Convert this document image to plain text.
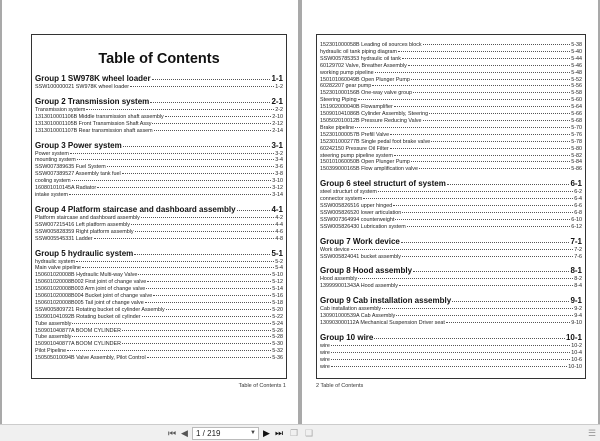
Table of Contents
Group 1 SW978K wheel loader	1-1
SSW100000021 SW978K wheel loader	1-2
Group 2 Transmission system	2-1
Transmission system	2-2
1313010001106B Middle transmission shaft assembly	2-10
1313010001105B Front Transmission Shaft Assy	2-12
1313010001107B Rear transmission shaft assem	2-14
Group 3 Power system	3-1
Power system	3-2
mounting system	3-4
SSW007389635 Fuel System	3-6
SSW007389527 Assembly tank fuel	3-8
cooling system	3-10
160801010145A Radiator	3-12
intake system	3-14
Group 4 Platform staircase and dashboard assembly	4-1
Platform staircase and dashboard assembly	4-2
SSW007215416 Left platform assembly	4-4
SSW005828359 Right platform assembly	4-6
SSW005545331 Ladder	4-8
Group 5 hydraulic system	5-1
hydraulic system	5-2
Main valve pipeline	5-4
150601020008B Hydraulic Multi-way Valve	5-10
150601020008B002 First joint of change valve	5-12
150601020008B003 Arm joint of change valve	5-14
150601020008B004 Bucket joint of change valve	5-16
150601020008B005 Tail joint of change valve	5-18
SSW005809721 Rotating bucket oil cylinder Assembly	5-20
150901041092B Rotating bucket oil cylinder	5-22
Tube assembly	5-24
150901040877A BOOM CYLINDER	5-26
Tube assembly	5-28
150901040877A BOOM CYLINDER	5-30
Pilot Pipeline	5-32
150505010094B Valve Assembly, Pilot Control	5-36
Table of Contents 1
152301000058B Leading oil sources block	5-38
hydraulic oil tank piping diagram	5-40
SSW005785353 hydraulic oil tank	5-44
60129702 Valve, Breather Assembly	5-46
working pump pipeline	5-48
150101060049B Open Plunger Pump	5-52
60282207 gear pump	5-56
152301000156B One-way valve group	5-58
Steering Piping	5-60
151902000040B Flowamplifier	5-64
150901041086B Cylinder Assembly, Steering	5-66
150502010012B Pressure Reducing Valve	5-68
Brake pipeline	5-70
152301000057B Prefill Valve	5-76
152301000277B Single pedal foot brake valve	5-78
60242150 Pressure Oil Filter	5-80
steering pump pipeline system	5-82
150101060050B Open Plunger Pump	5-84
150399000165B Flow amplification valve	5-86
Group 6 steel structurt of system	6-1
steel structurt of system	6-2
connector system	6-4
SSW005826516 upper hinged	6-6
SSW005826520 lower articulation	6-8
SSW007364994 counterweight	6-10
SSW005826430 Lubrication system	6-12
Group 7 Work device	7-1
Work device	7-2
SSW005824041 bucket assembly	7-6
Group 8 Hood assembly	8-1
Hood assembly	8-2
139999001343A Hood assembly	8-4
Group 9 Cab installation assembly	9-1
Cab installation assembly	9-2
130901000539A Cab Assembly	9-4
130903000112A Mechanical Suspension Driver seat	9-10
Group 10 wire	10-1
wire	10-2
wire	10-4
wire	10-6
wire	10-10
2 Table of Contents
⏮ ◀	1 / 219	▼ ▶ ⏭ ❐ ❑	☰
